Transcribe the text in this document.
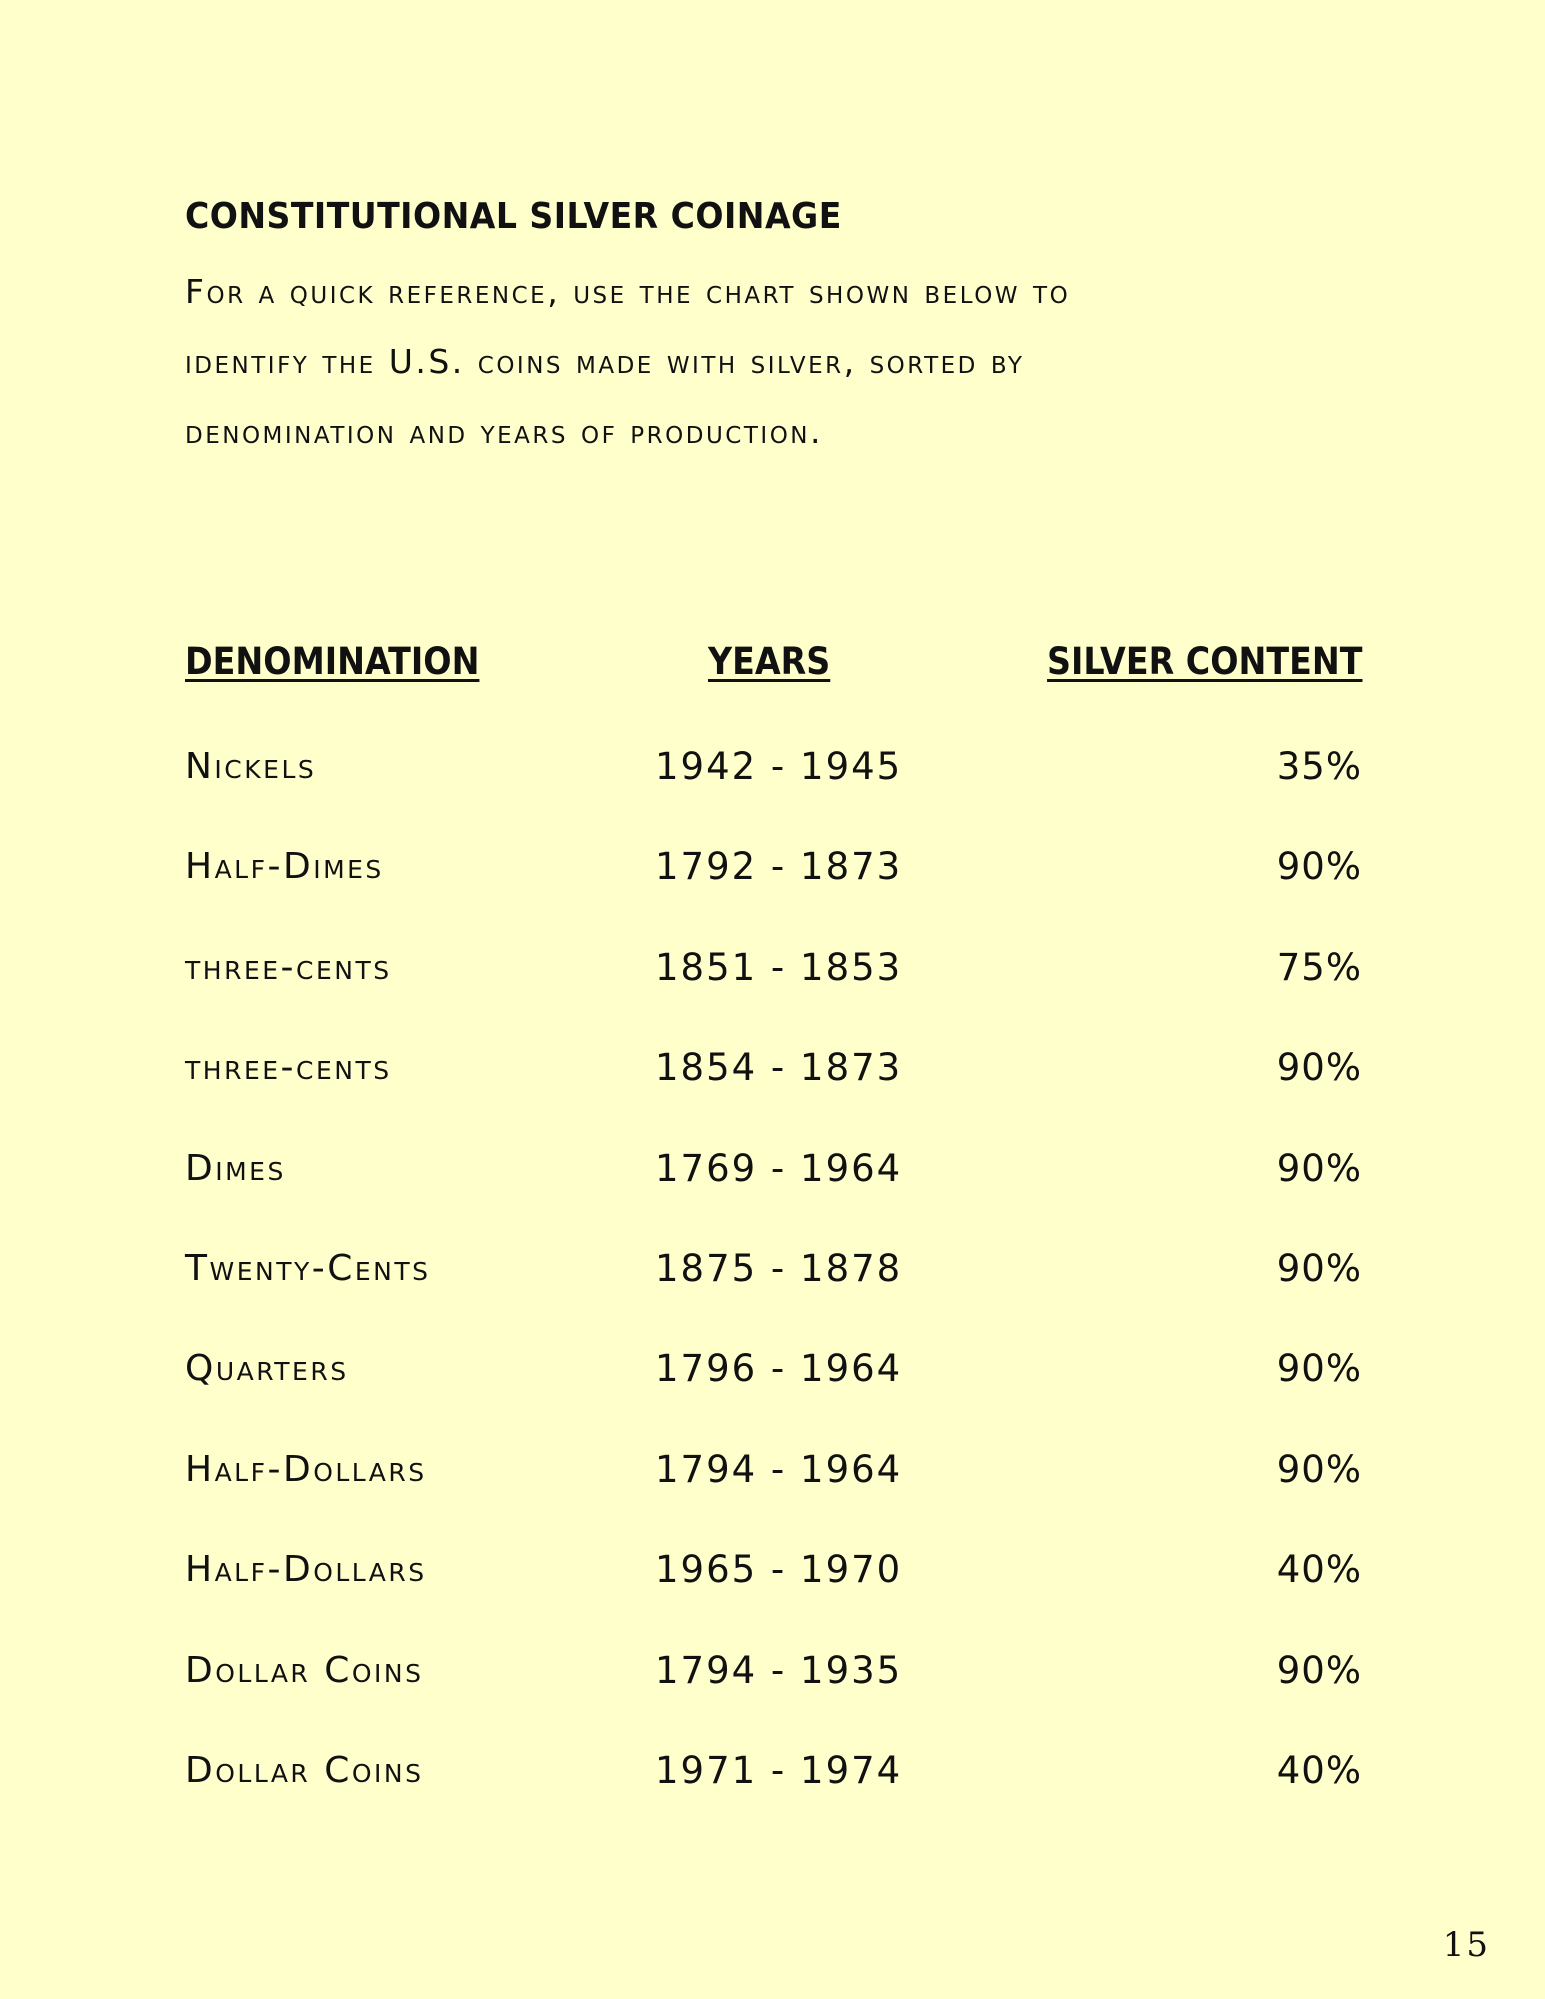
CONSTITUTIONAL SILVER COINAGE
For a quick reference, use the chart shown below to
identify the U.S. coins made with silver, sorted by
denomination and years of production.
DENOMINATION	YEARS	SILVER CONTENT
Nickels	1942 - 1945	35%
Half-Dimes	1792 - 1873	90%
three-cents	1851 - 1853	75%
three-cents	1854 - 1873	90%
Dimes	1769 - 1964	90%
Twenty-Cents	1875 - 1878	90%
Quarters	1796 - 1964	90%
Half-Dollars	1794 - 1964	90%
Half-Dollars	1965 - 1970	40%
Dollar Coins	1794 - 1935	90%
Dollar Coins	1971 - 1974	40%
15
